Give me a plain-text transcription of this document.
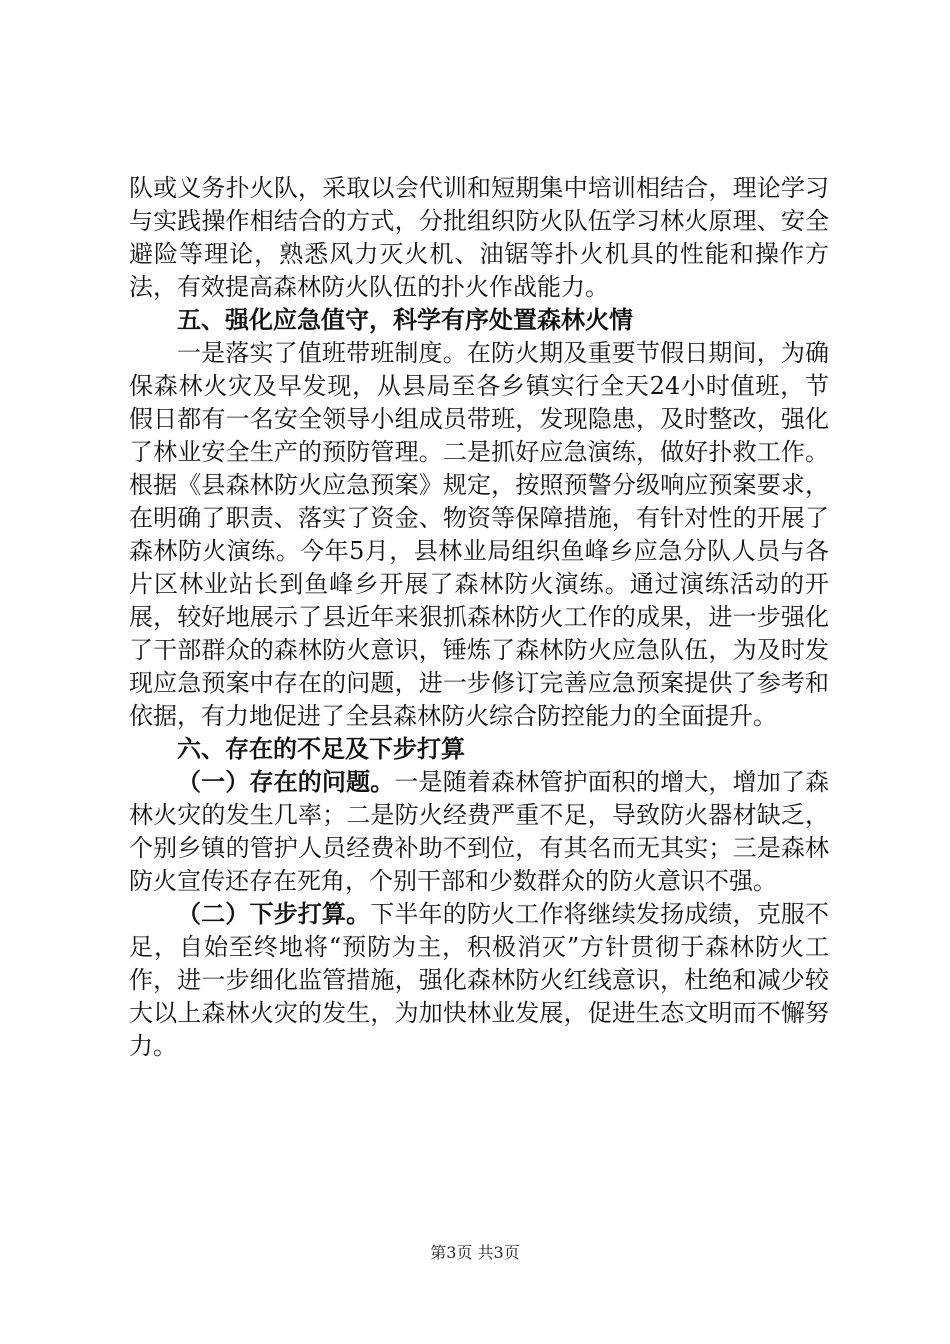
队或义务扑火队，采取以会代训和短期集中培训相结合，理论学习与实践操作相结合的方式，分批组织防火队伍学习林火原理、安全避险等理论，熟悉风力灭火机、油锯等扑火机具的性能和操作方法，有效提高森林防火队伍的扑火作战能力。

五、强化应急值守，科学有序处置森林火情

一是落实了值班带班制度。在防火期及重要节假日期间，为确保森林火灾及早发现，从县局至各乡镇实行全天24小时值班，节假日都有一名安全领导小组成员带班，发现隐患，及时整改，强化了林业安全生产的预防管理。二是抓好应急演练，做好扑救工作。根据《县森林防火应急预案》规定，按照预警分级响应预案要求，在明确了职责、落实了资金、物资等保障措施，有针对性的开展了森林防火演练。今年5月，县林业局组织鱼峰乡应急分队人员与各片区林业站长到鱼峰乡开展了森林防火演练。通过演练活动的开展，较好地展示了县近年来狠抓森林防火工作的成果，进一步强化了干部群众的森林防火意识，锤炼了森林防火应急队伍，为及时发现应急预案中存在的问题，进一步修订完善应急预案提供了参考和依据，有力地促进了全县森林防火综合防控能力的全面提升。

六、存在的不足及下步打算

（一）存在的问题。一是随着森林管护面积的增大，增加了森林火灾的发生几率；二是防火经费严重不足，导致防火器材缺乏，个别乡镇的管护人员经费补助不到位，有其名而无其实；三是森林防火宣传还存在死角，个别干部和少数群众的防火意识不强。

（二）下步打算。下半年的防火工作将继续发扬成绩，克服不足，自始至终地将“预防为主，积极消灭”方针贯彻于森林防火工作，进一步细化监管措施，强化森林防火红线意识，杜绝和减少较大以上森林火灾的发生，为加快林业发展，促进生态文明而不懈努力。

第3页 共3页
